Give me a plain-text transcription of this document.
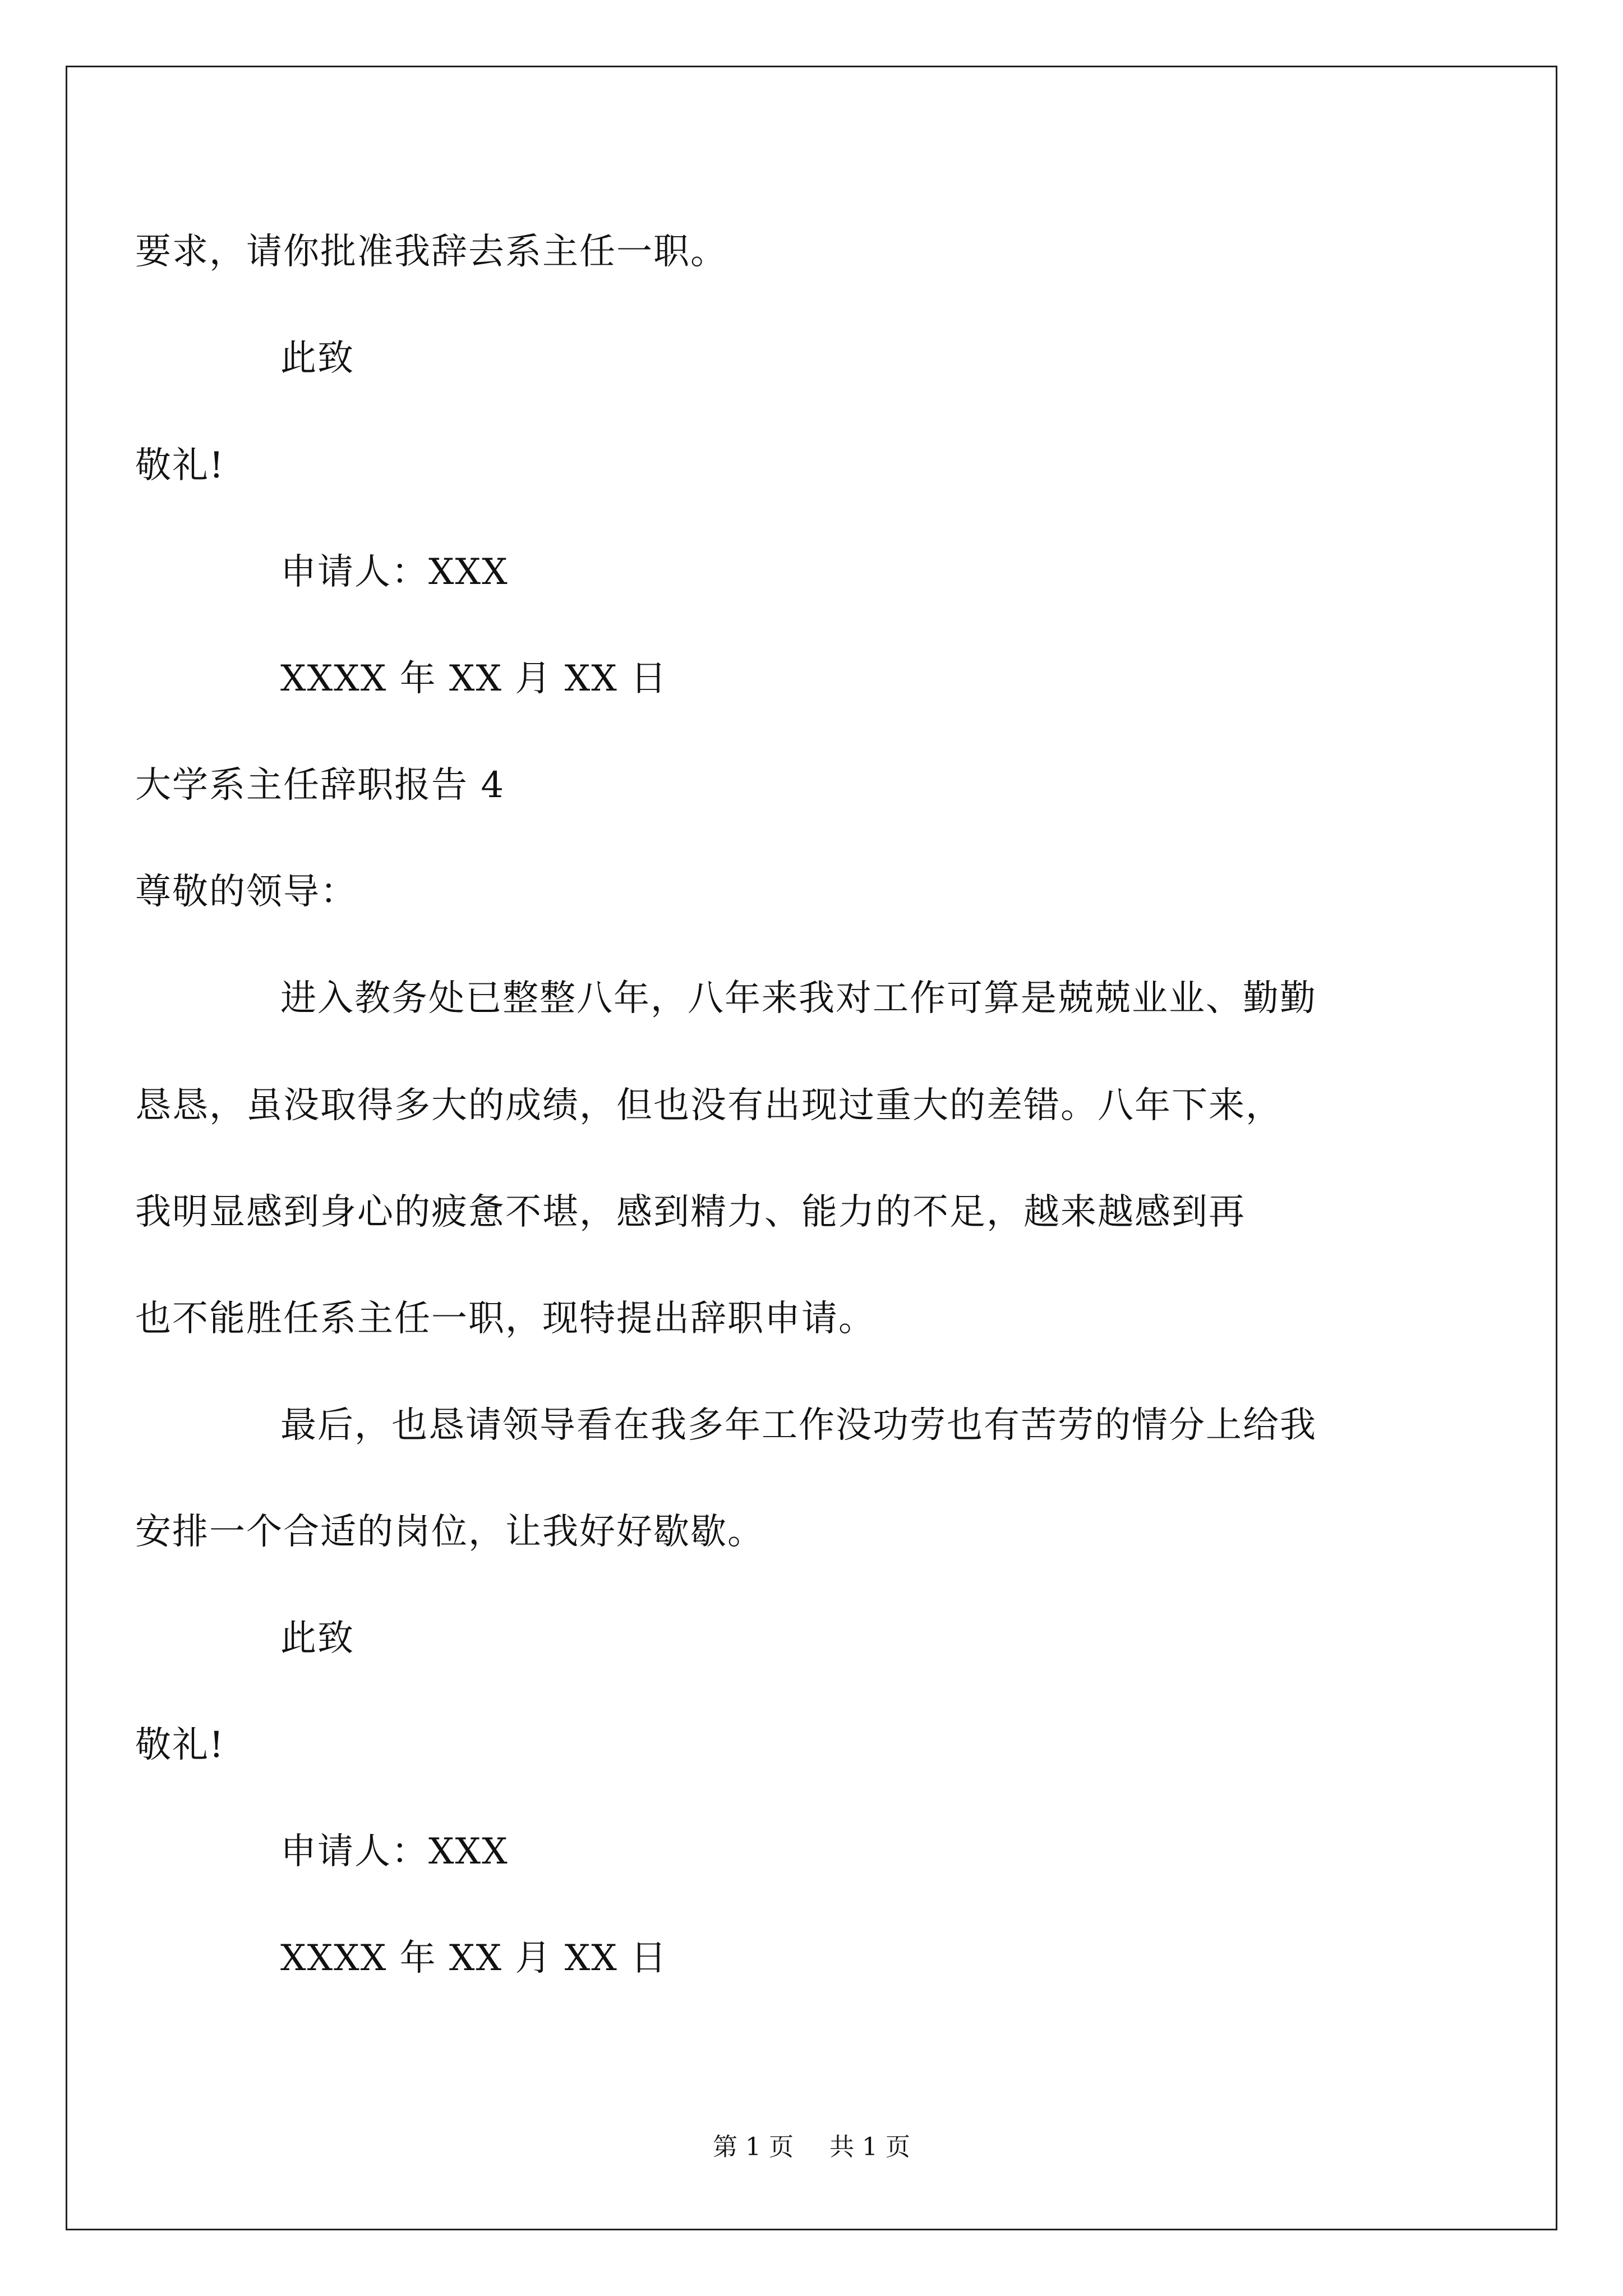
要求，请你批准我辞去系主任一职。
此致
敬礼!
申请人：XXX
XXXX 年 XX 月 XX 日
大学系主任辞职报告 4
尊敬的领导：
进入教务处已整整八年，八年来我对工作可算是兢兢业业、勤勤
恳恳，虽没取得多大的成绩，但也没有出现过重大的差错。八年下来，
我明显感到身心的疲惫不堪，感到精力、能力的不足，越来越感到再
也不能胜任系主任一职，现特提出辞职申请。
最后，也恳请领导看在我多年工作没功劳也有苦劳的情分上给我
安排一个合适的岗位，让我好好歇歇。
此致
敬礼!
申请人：XXX
XXXX 年 XX 月 XX 日
第 1 页 共 1 页
